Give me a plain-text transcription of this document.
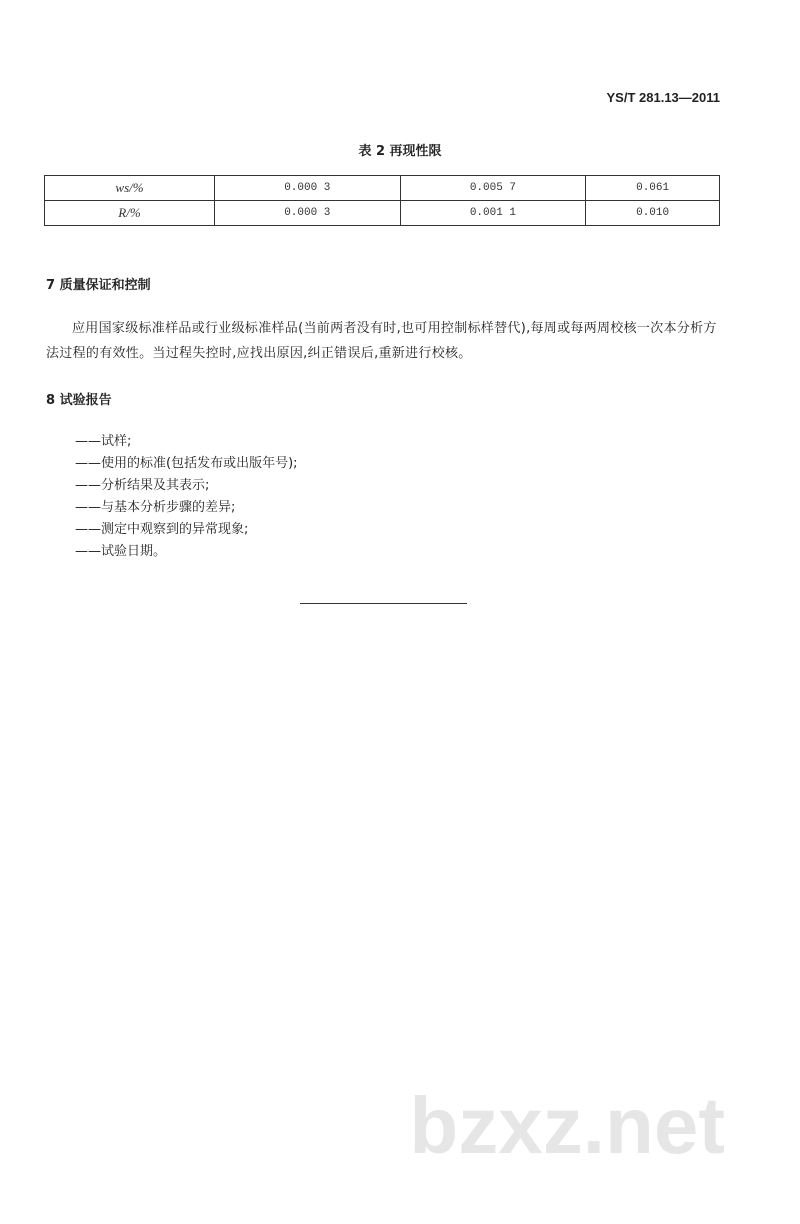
YS/T 281.13—2011
表 2 再现性限
ws/%	0.000 3	0.005 7	0.061
R/%	0.000 3	0.001 1	0.010
7 质量保证和控制
应用国家级标准样品或行业级标准样品(当前两者没有时,也可用控制标样替代),每周或每两周校核一次本分析方法过程的有效性。当过程失控时,应找出原因,纠正错误后,重新进行校核。
8 试验报告
——试样;
——使用的标准(包括发布或出版年号);
——分析结果及其表示;
——与基本分析步骤的差异;
——测定中观察到的异常现象;
——试验日期。
bzxz.net
